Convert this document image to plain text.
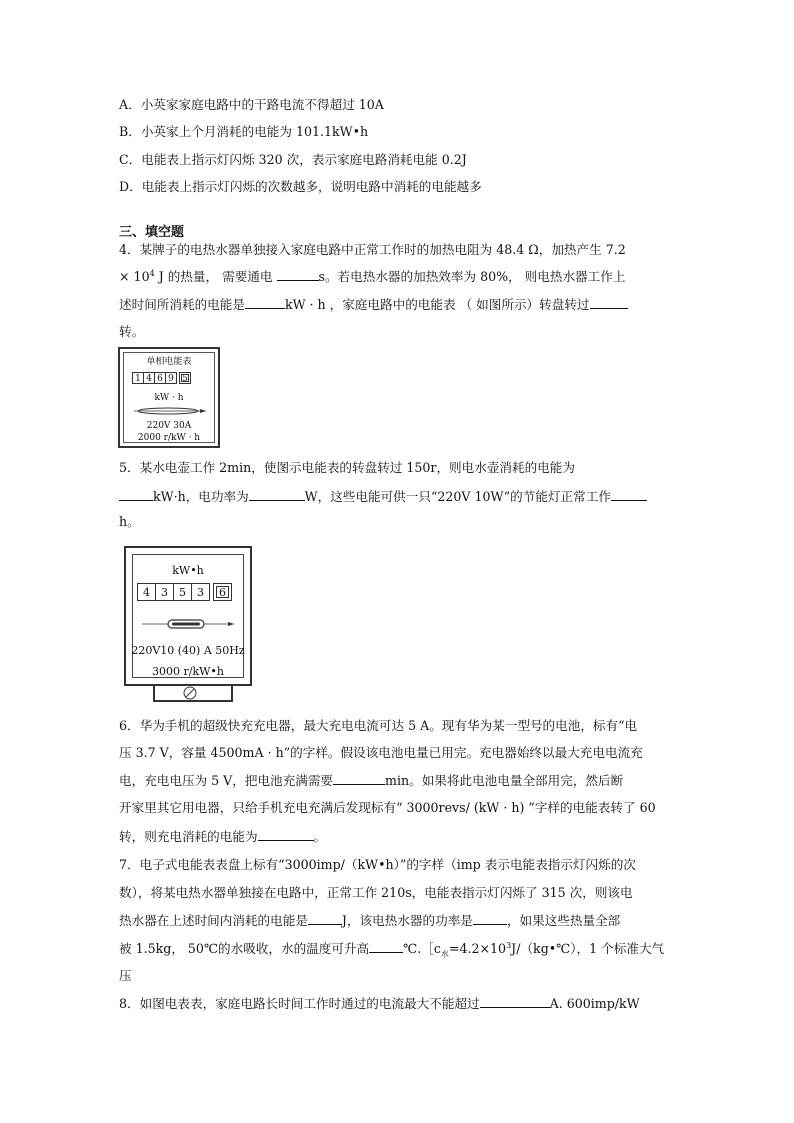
A．小英家家庭电路中的干路电流不得超过 10A
B．小英家上个月消耗的电能为 101.1kW•h
C．电能表上指示灯闪烁 320 次，表示家庭电路消耗电能 0.2J
D．电能表上指示灯闪烁的次数越多，说明电路中消耗的电能越多
三、填空题
4．某牌子的电热水器单独接入家庭电路中正常工作时的加热电阻为 48.4 Ω，加热产生 7.2
× $10^4$ J 的热量， 需要通电	s。若电热水器的加热效率为 80%， 则电热水器工作上
述时间所消耗的电能是	kW · h ，家庭电路中的电能表 （ 如图所示）转盘转过
转。
单相电能表
1 4 6 9 5
kW · h
220V 30A
2000 r/kW · h
5．某水电壶工作 2min，使图示电能表的转盘转过 150r，则电水壶消耗的电能为
kW·h，电功率为	W，这些电能可供一只“220V 10W”的节能灯正常工作
h。
kW•h
4	3	5	3	6
220V10 (40) A 50Hz
3000 r/kW•h
6．华为手机的超级快充充电器，最大充电电流可达 5 A。现有华为某一型号的电池，标有“电
压 3.7 V，容量 4500mA · h”的字样。假设该电池电量已用完。充电器始终以最大充电电流充
电，充电电压为 5 V，把电池充满需要	min。如果将此电池电量全部用完，然后断
开家里其它用电器，只给手机充电充满后发现标有“ 3000revs/ (kW · h) ”字样的电能表转了 60
转，则充电消耗的电能为	。
7．电子式电能表表盘上标有“3000imp/（kW•h）”的字样（imp 表示电能表指示灯闪烁的次
数），将某电热水器单独接在电路中，正常工作 210s，电能表指示灯闪烁了 315 次，则该电
热水器在上述时间内消耗的电能是	J，该电热水器的功率是	，如果这些热量全部
被 1.5kg， 50℃的水吸收，水的温度可升高	$℃.[c_水=4.2\times 10^3J/(kg•℃)$，1 个标准大气
压
8．如图电表表，家庭电路长时间工作时通过的电流最大不能超过	A. 600imp/kW
